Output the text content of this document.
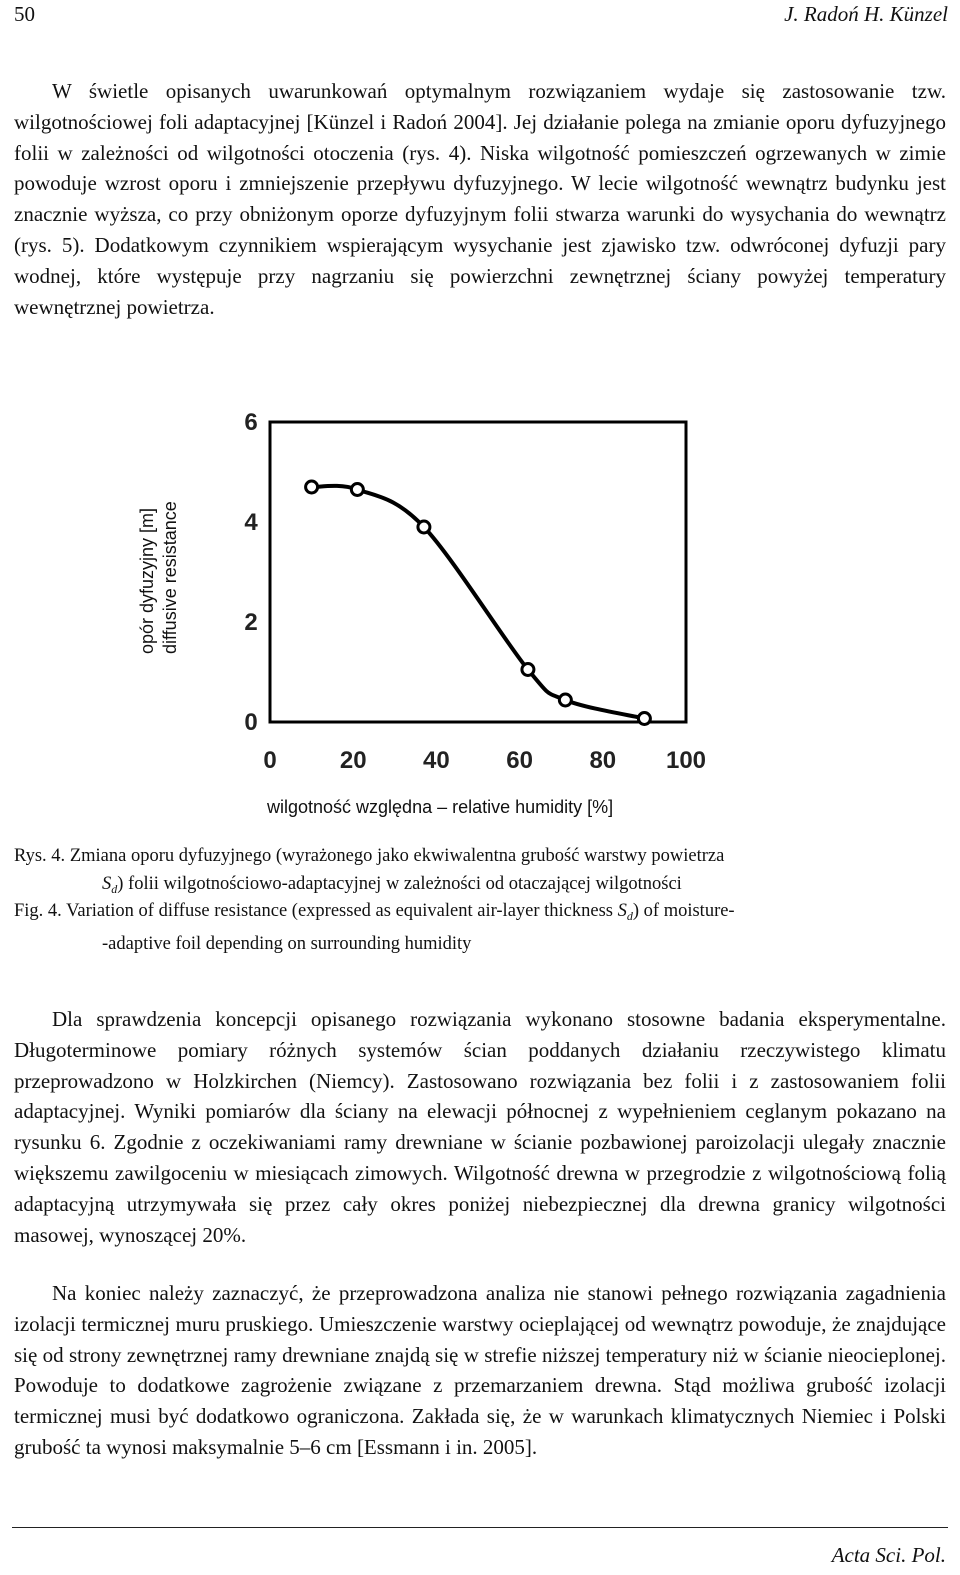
50	J. Radoń H. Künzel

W świetle opisanych uwarunkowań optymalnym rozwiązaniem wydaje się zastosowanie tzw. wilgotnościowej foli adaptacyjnej [Künzel i Radoń 2004]. Jej działanie polega na zmianie oporu dyfuzyjnego folii w zależności od wilgotności otoczenia (rys. 4). Niska wilgotność pomieszczeń ogrzewanych w zimie powoduje wzrost oporu i zmniejszenie przepływu dyfuzyjnego. W lecie wilgotność wewnątrz budynku jest znacznie wyższa, co przy obniżonym oporze dyfuzyjnym folii stwarza warunki do wysychania do wewnątrz (rys. 5). Dodatkowym czynnikiem wspierającym wysychanie jest zjawisko tzw. odwróconej dyfuzji pary wodnej, które występuje przy nagrzaniu się powierzchni zewnętrznej ściany powyżej temperatury wewnętrznej powietrza.

0	20 40 60 80 100
0
2
4
6
opór dyfuzyjny [m] diffusive resistance
wilgotność względna – relative humidity [%]
Rys. 4. Zmiana oporu dyfuzyjnego (wyrażonego jako ekwiwalentna grubość warstwy powietrza
$S_d$) folii wilgotnościowo-adaptacyjnej w zależności od otaczającej wilgotności
Fig. 4. Variation of diffuse resistance (expressed as equivalent air-layer thickness $S_d$) of moisture-
-adaptive foil depending on surrounding humidity

Dla sprawdzenia koncepcji opisanego rozwiązania wykonano stosowne badania eksperymentalne. Długoterminowe pomiary różnych systemów ścian poddanych działaniu rzeczywistego klimatu przeprowadzono w Holzkirchen (Niemcy). Zastosowano rozwiązania bez folii i z zastosowaniem folii adaptacyjnej. Wyniki pomiarów dla ściany na elewacji północnej z wypełnieniem ceglanym pokazano na rysunku 6. Zgodnie z oczekiwaniami ramy drewniane w ścianie pozbawionej paroizolacji ulegały znacznie większemu zawilgoceniu w miesiącach zimowych. Wilgotność drewna w przegrodzie z wilgotnościową folią adaptacyjną utrzymywała się przez cały okres poniżej niebezpiecznej dla drewna granicy wilgotności masowej, wynoszącej 20%.

Na koniec należy zaznaczyć, że przeprowadzona analiza nie stanowi pełnego rozwiązania zagadnienia izolacji termicznej muru pruskiego. Umieszczenie warstwy ocieplającej od wewnątrz powoduje, że znajdujące się od strony zewnętrznej ramy drewniane znajdą się w strefie niższej temperatury niż w ścianie nieocieplonej. Powoduje to dodatkowe zagrożenie związane z przemarzaniem drewna. Stąd możliwa grubość izolacji termicznej musi być dodatkowo ograniczona. Zakłada się, że w warunkach klimatycznych Niemiec i Polski grubość ta wynosi maksymalnie 5–6 cm [Essmann i in. 2005].

Acta Sci. Pol.
